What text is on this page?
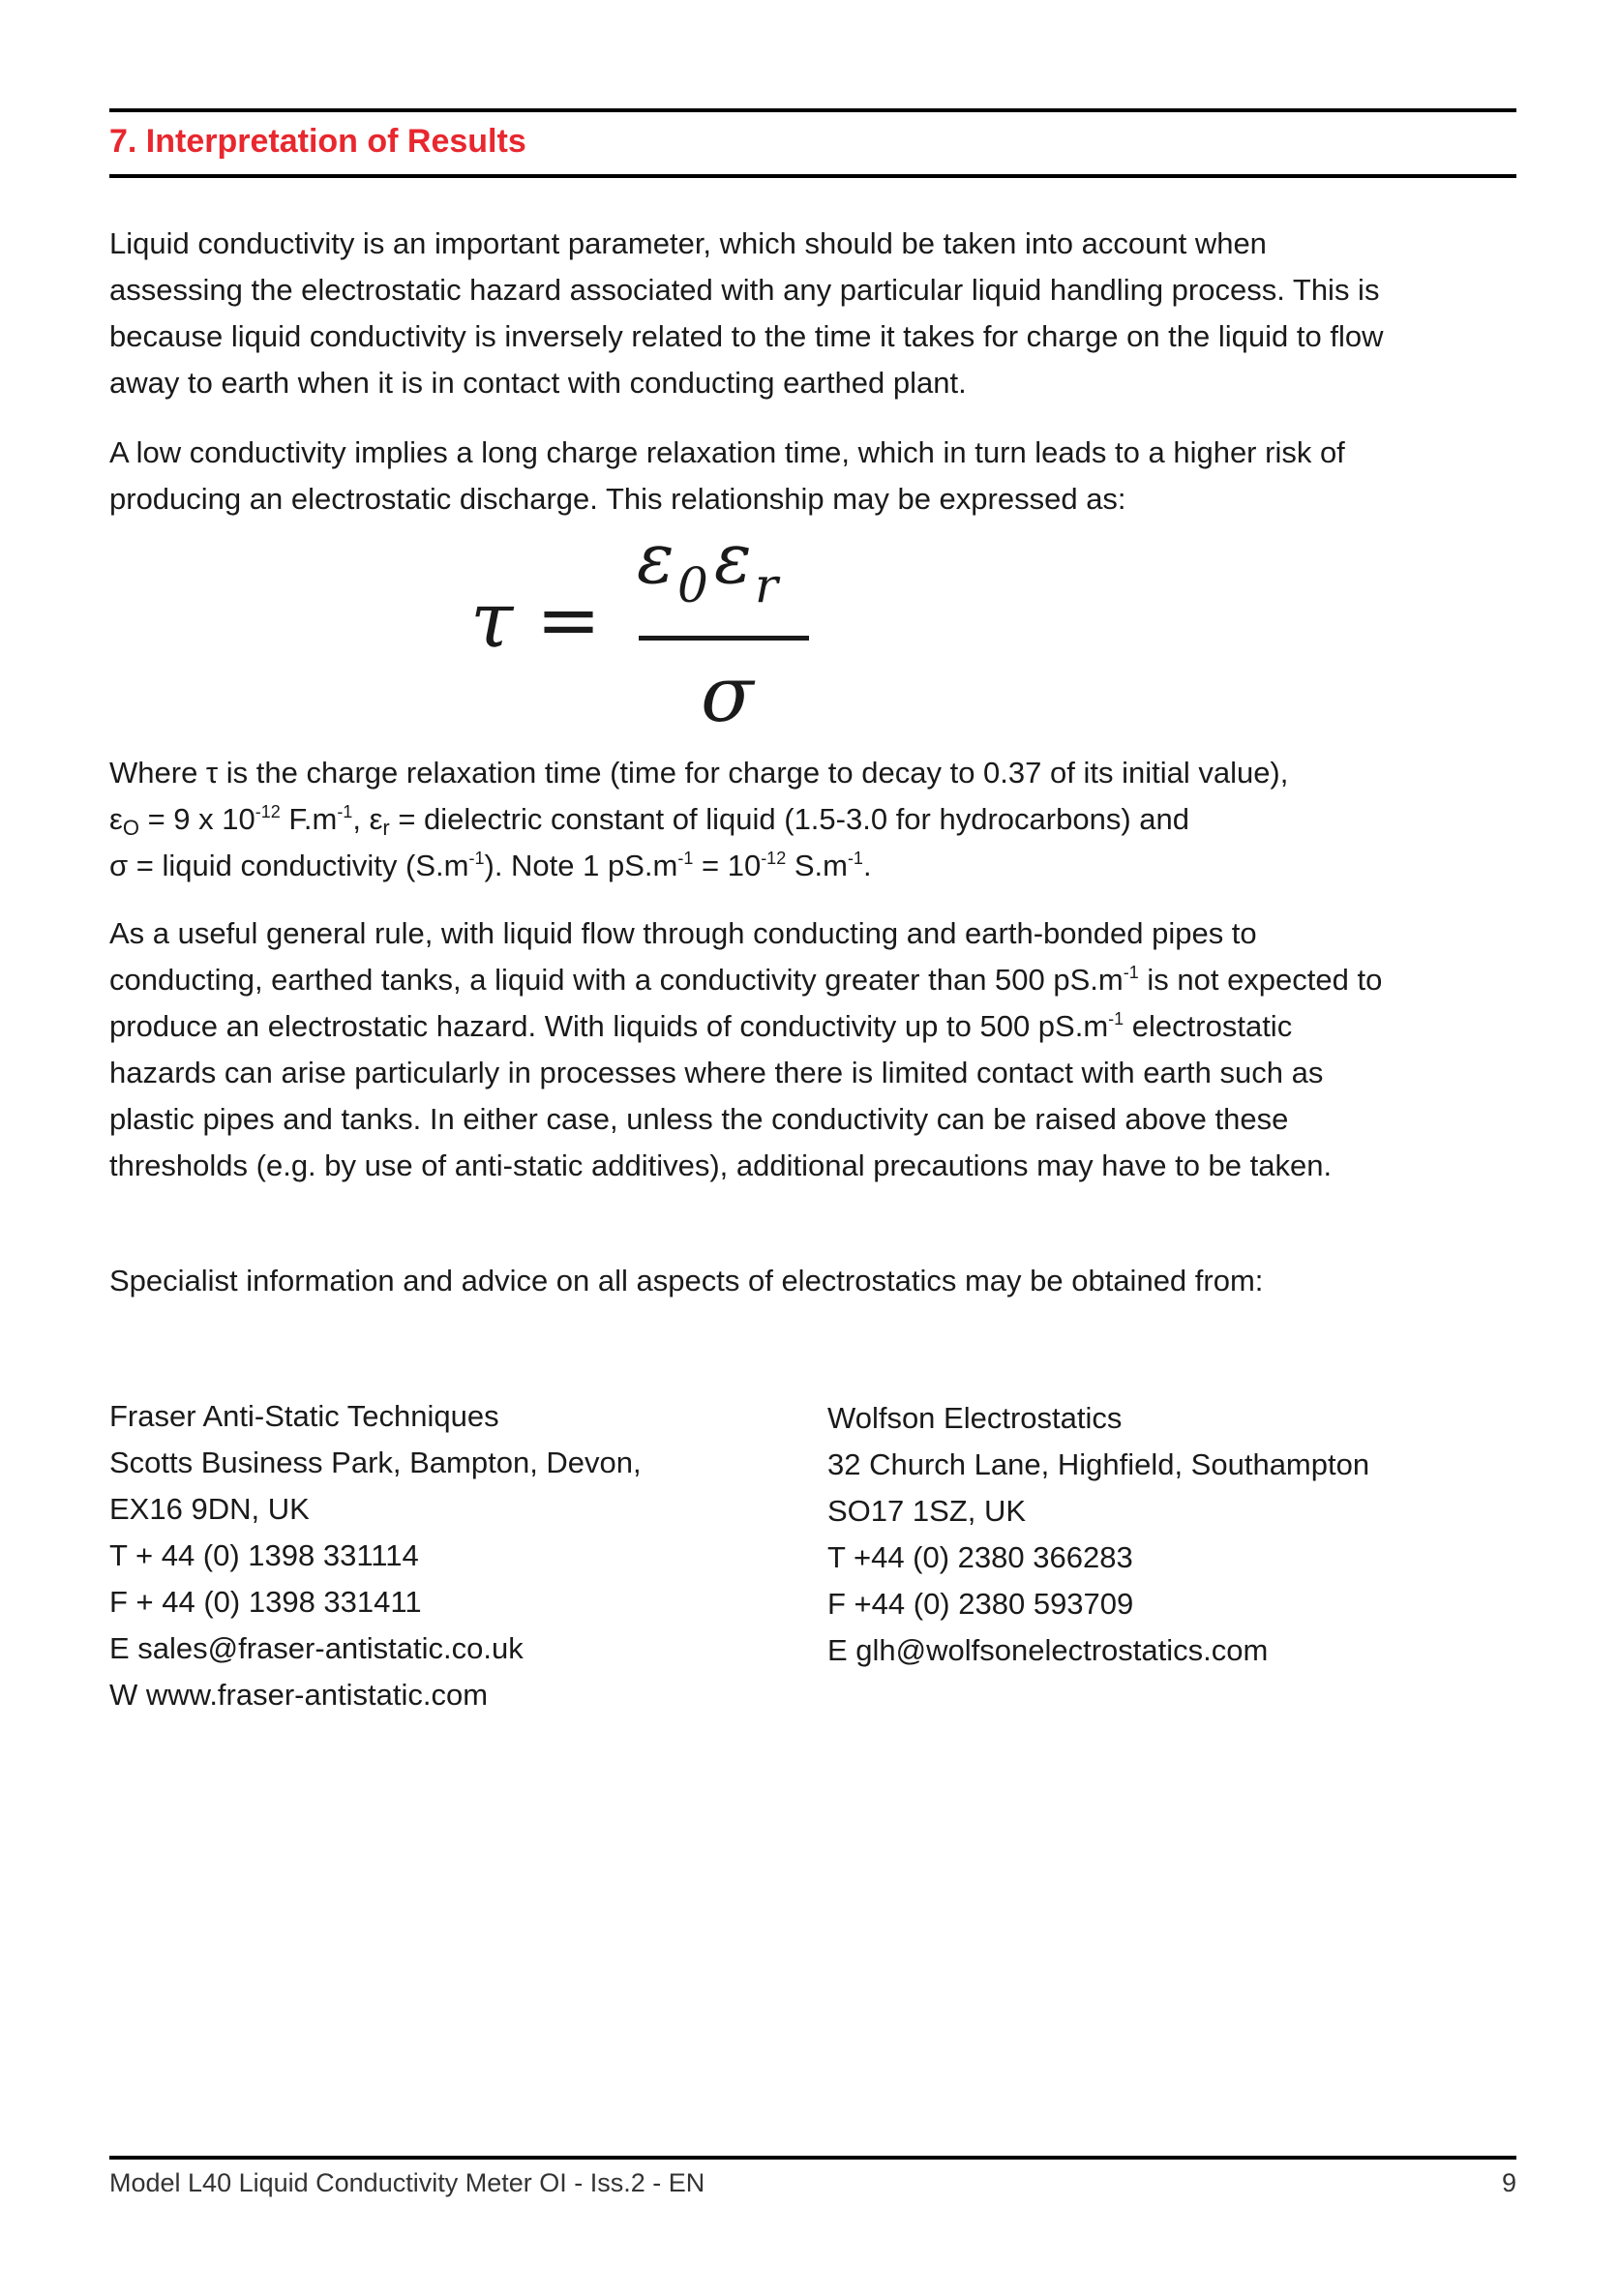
7. Interpretation of Results

Liquid conductivity is an important parameter, which should be taken into account when assessing the electrostatic hazard associated with any particular liquid handling process. This is because liquid conductivity is inversely related to the time it takes for charge on the liquid to flow away to earth when it is in contact with conducting earthed plant.

A low conductivity implies a long charge relaxation time, which in turn leads to a higher risk of producing an electrostatic discharge. This relationship may be expressed as:

τ =
ε 0 ε r
σ

Where τ is the charge relaxation time (time for charge to decay to 0.37 of its initial value),
$\varepsilon_O = 9$ x $10^{-12}$ $F.m^{-1}$, $\varepsilon_r$ = dielectric constant of liquid (1.5-3.0 for hydrocarbons) and
σ = liquid conductivity $(S.m^{-1})$. Note 1 $pS.m^{-1} = 10^{-12}$ $S.m^{-1}$.

As a useful general rule, with liquid flow through conducting and earth-bonded pipes to conducting, earthed tanks, a liquid with a conductivity greater than 500 $pS.m^{-1}$ is not expected to produce an electrostatic hazard. With liquids of conductivity up to 500 $pS.m^{-1}$ electrostatic hazards can arise particularly in processes where there is limited contact with earth such as plastic pipes and tanks. In either case, unless the conductivity can be raised above these thresholds (e.g. by use of anti-static additives), additional precautions may have to be taken.

Specialist information and advice on all aspects of electrostatics may be obtained from:

Fraser Anti-Static Techniques
Scotts Business Park, Bampton, Devon,
EX16 9DN, UK
T + 44 (0) 1398 331114
F + 44 (0) 1398 331411
E sales@fraser-antistatic.co.uk
W www.fraser-antistatic.com
Wolfson Electrostatics
32 Church Lane, Highfield, Southampton
SO17 1SZ, UK
T +44 (0) 2380 366283
F +44 (0) 2380 593709
E glh@wolfsonelectrostatics.com
Model L40 Liquid Conductivity Meter OI - Iss.2 - EN	9
